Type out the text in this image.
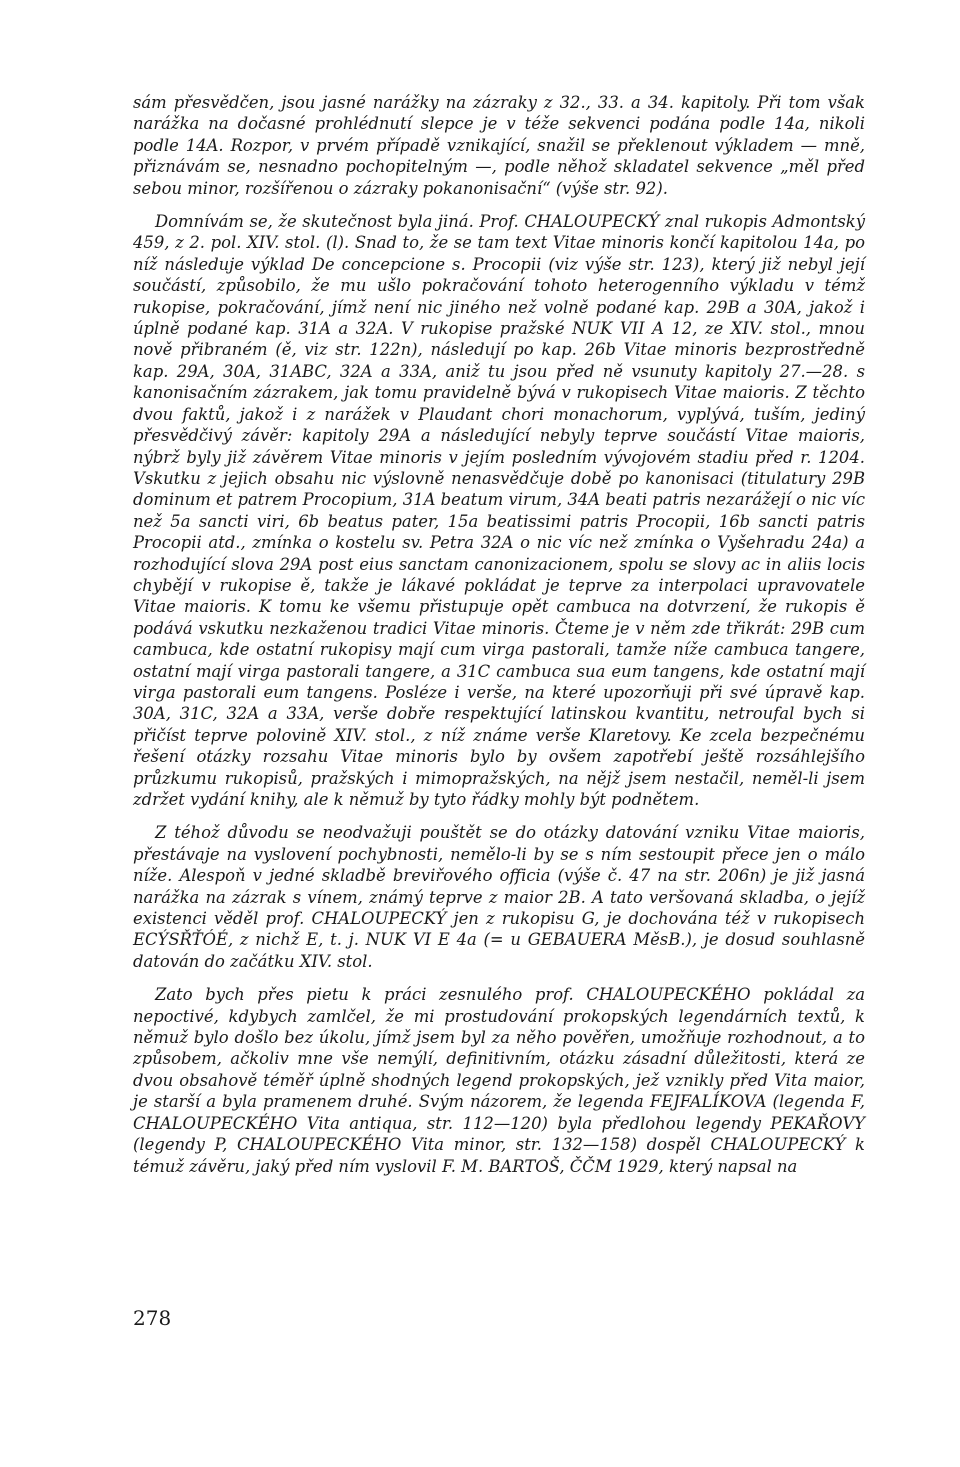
sám přesvědčen, jsou jasné narážky na zázraky z 32., 33. a 34. kapitoly. Při tom však narážka na dočasné prohlédnutí slepce je v téže sekvenci podána podle 14a, nikoli podle 14A. Rozpor, v prvém případě vznikající, snažil se překlenout výkladem — mně, přiznávám se, nesnadno pochopitelným —, podle něhož skladatel sekvence „měl před sebou minor, rozšířenou o zázraky pokanonisační“ (výše str. 92).

Domnívám se, že skutečnost byla jiná. Prof. CHALOUPECKÝ znal rukopis Admontský 459, z 2. pol. XIV. stol. (l). Snad to, že se tam text Vitae minoris končí kapitolou 14a, po níž následuje výklad De concepcione s. Procopii (viz výše str. 123), který již nebyl její součástí, způsobilo, že mu ušlo pokračování tohoto heterogenního výkladu v témž rukopise, pokračování, jímž není nic jiného než volně podané kap. 29B a 30A, jakož i úplně podané kap. 31A a 32A. V rukopise pražské NUK VII A 12, ze XIV. stol., mnou nově přibraném (ě, viz str. 122n), následují po kap. 26b Vitae minoris bezprostředně kap. 29A, 30A, 31ABC, 32A a 33A, aniž tu jsou před ně vsunuty kapitoly 27.—28. s kanonisačním zázrakem, jak tomu pravidelně bývá v rukopisech Vitae maioris. Z těchto dvou faktů, jakož i z narážek v Plaudant chori monachorum, vyplývá, tuším, jediný přesvědčivý závěr: kapitoly 29A a následující nebyly teprve součástí Vitae maioris, nýbrž byly již závěrem Vitae minoris v jejím posledním vývojovém stadiu před r. 1204. Vskutku z jejich obsahu nic výslovně nenasvědčuje době po kanonisaci (titulatury 29B dominum et patrem Procopium, 31A beatum virum, 34A beati patris nezarážejí o nic víc než 5a sancti viri, 6b beatus pater, 15a beatissimi patris Procopii, 16b sancti patris Procopii atd., zmínka o kostelu sv. Petra 32A o nic víc než zmínka o Vyšehradu 24a) a rozhodující slova 29A post eius sanctam canonizacionem, spolu se slovy ac in aliis locis chybějí v rukopise ě, takže je lákavé pokládat je teprve za interpolaci upravovatele Vitae maioris. K tomu ke všemu přistupuje opět cambuca na dotvrzení, že rukopis ě podává vskutku nezkaženou tradici Vitae minoris. Čteme je v něm zde třikrát: 29B cum cambuca, kde ostatní rukopisy mají cum virga pastorali, tamže níže cambuca tangere, ostatní mají virga pastorali tangere, a 31C cambuca sua eum tangens, kde ostatní mají virga pastorali eum tangens. Posléze i verše, na které upozorňuji při své úpravě kap. 30A, 31C, 32A a 33A, verše dobře respektující latinskou kvantitu, netroufal bych si přičíst teprve polovině XIV. stol., z níž známe verše Klaretovy. Ke zcela bezpečnému řešení otázky rozsahu Vitae minoris bylo by ovšem zapotřebí ještě rozsáhlejšího průzkumu rukopisů, pražských i mimopražských, na nějž jsem nestačil, neměl-li jsem zdržet vydání knihy, ale k němuž by tyto řádky mohly být podnětem.

Z téhož důvodu se neodvažuji pouštět se do otázky datování vzniku Vitae maioris, přestávaje na vyslovení pochybnosti, nemělo-li by se s ním sestoupit přece jen o málo níže. Alespoň v jedné skladbě breviřového officia (výše č. 47 na str. 206n) je již jasná narážka na zázrak s vínem, známý teprve z maior 2B. A tato veršovaná skladba, o jejíž existenci věděl prof. CHALOUPECKÝ jen z rukopisu G, je dochována též v rukopisech ECÝSŘŤÓÉ, z nichž E, t. j. NUK VI E 4a (= u GEBAUERA MěsB.), je dosud souhlasně datován do začátku XIV. stol.

Zato bych přes pietu k práci zesnulého prof. CHALOUPECKÉHO pokládal za nepoctivé, kdybych zamlčel, že mi prostudování prokopských legendárních textů, k němuž bylo došlo bez úkolu, jímž jsem byl za něho pověřen, umožňuje rozhodnout, a to způsobem, ačkoliv mne vše nemýlí, definitivním, otázku zásadní důležitosti, která ze dvou obsahově téměř úplně shodných legend prokopských, jež vznikly před Vita maior, je starší a byla pramenem druhé. Svým názorem, že legenda FEJFALÍKOVA (legenda F, CHALOUPECKÉHO Vita antiqua, str. 112—120) byla předlohou legendy PEKAŘOVY (legendy P, CHALOUPECKÉHO Vita minor, str. 132—158) dospěl CHALOUPECKÝ k témuž závěru, jaký před ním vyslovil F. M. BARTOŠ, ČČM 1929, který napsal na

278
